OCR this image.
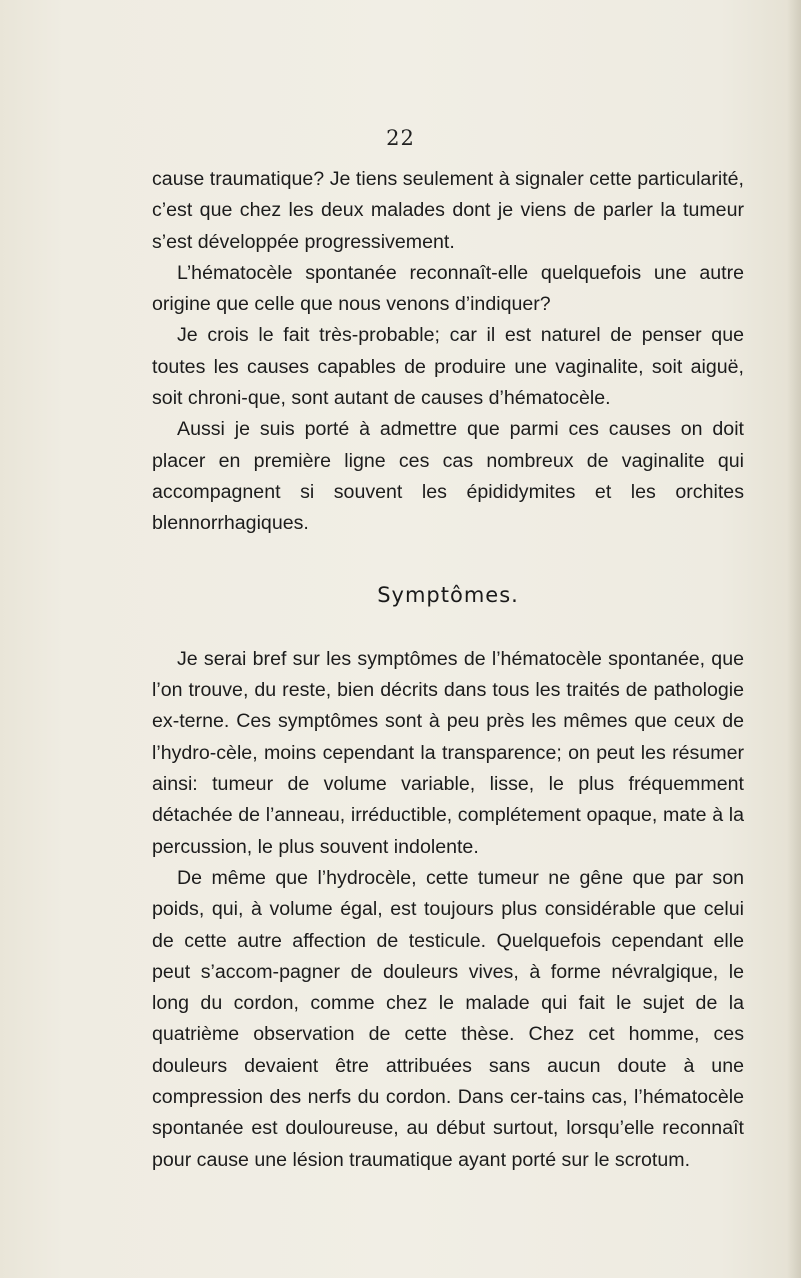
22

cause traumatique? Je tiens seulement à signaler cette particularité, c’est que chez les deux malades dont je viens de parler la tumeur s’est développée progressivement.

L’hématocèle spontanée reconnaît-elle quelquefois une autre origine que celle que nous venons d’indiquer?

Je crois le fait très-probable; car il est naturel de penser que toutes les causes capables de produire une vaginalite, soit aiguë, soit chroni-que, sont autant de causes d’hématocèle.

Aussi je suis porté à admettre que parmi ces causes on doit placer en première ligne ces cas nombreux de vaginalite qui accompagnent si souvent les épididymites et les orchites blennorrhagiques.

Symptômes.

Je serai bref sur les symptômes de l’hématocèle spontanée, que l’on trouve, du reste, bien décrits dans tous les traités de pathologie ex-terne. Ces symptômes sont à peu près les mêmes que ceux de l’hydro-cèle, moins cependant la transparence; on peut les résumer ainsi: tumeur de volume variable, lisse, le plus fréquemment détachée de l’anneau, irréductible, complétement opaque, mate à la percussion, le plus souvent indolente.

De même que l’hydrocèle, cette tumeur ne gêne que par son poids, qui, à volume égal, est toujours plus considérable que celui de cette autre affection de testicule. Quelquefois cependant elle peut s’accom-pagner de douleurs vives, à forme névralgique, le long du cordon, comme chez le malade qui fait le sujet de la quatrième observation de cette thèse. Chez cet homme, ces douleurs devaient être attribuées sans aucun doute à une compression des nerfs du cordon. Dans cer-tains cas, l’hématocèle spontanée est douloureuse, au début surtout, lorsqu’elle reconnaît pour cause une lésion traumatique ayant porté sur le scrotum.
